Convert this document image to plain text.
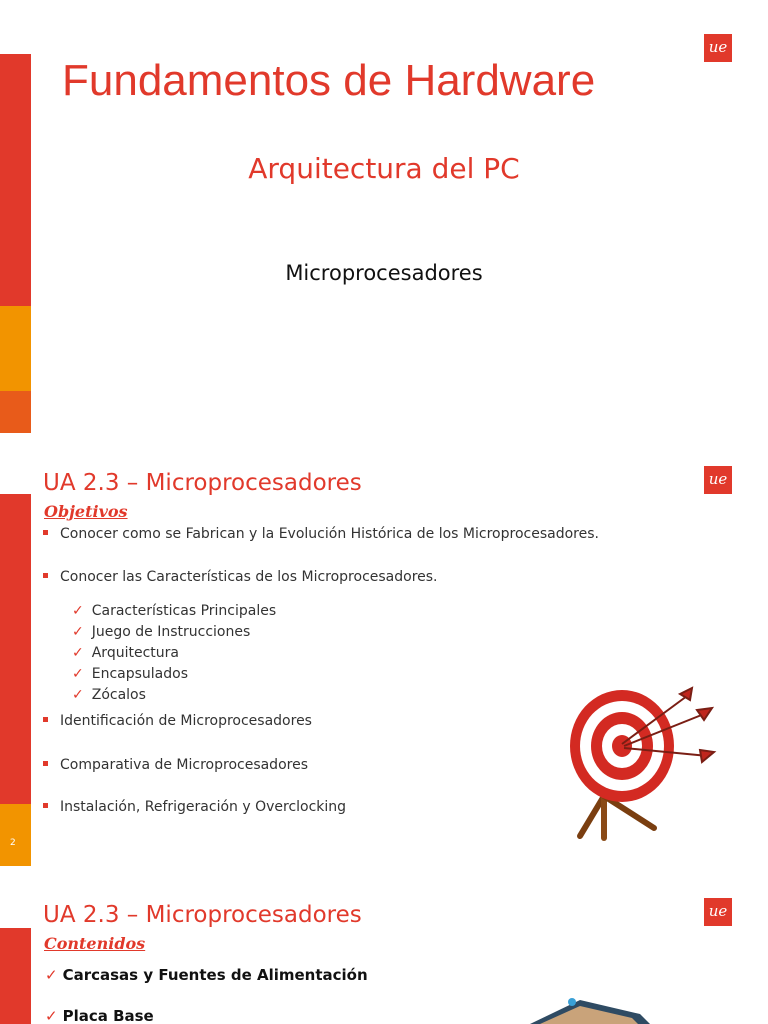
ue
Fundamentos de Hardware
Arquitectura del PC
Microprocesadores
2
ue
UA 2.3 – Microprocesadores
Objetivos
Conocer como se Fabrican y la Evolución Histórica de los Microprocesadores.
Conocer las Características de los Microprocesadores.
✓ Características Principales
✓ Juego de Instrucciones
✓ Arquitectura
✓ Encapsulados
✓ Zócalos
Identificación de Microprocesadores
Comparativa de Microprocesadores
Instalación, Refrigeración y Overclocking
ue
UA 2.3 – Microprocesadores
Contenidos
✓ Carcasas y Fuentes de Alimentación
✓ Placa Base
